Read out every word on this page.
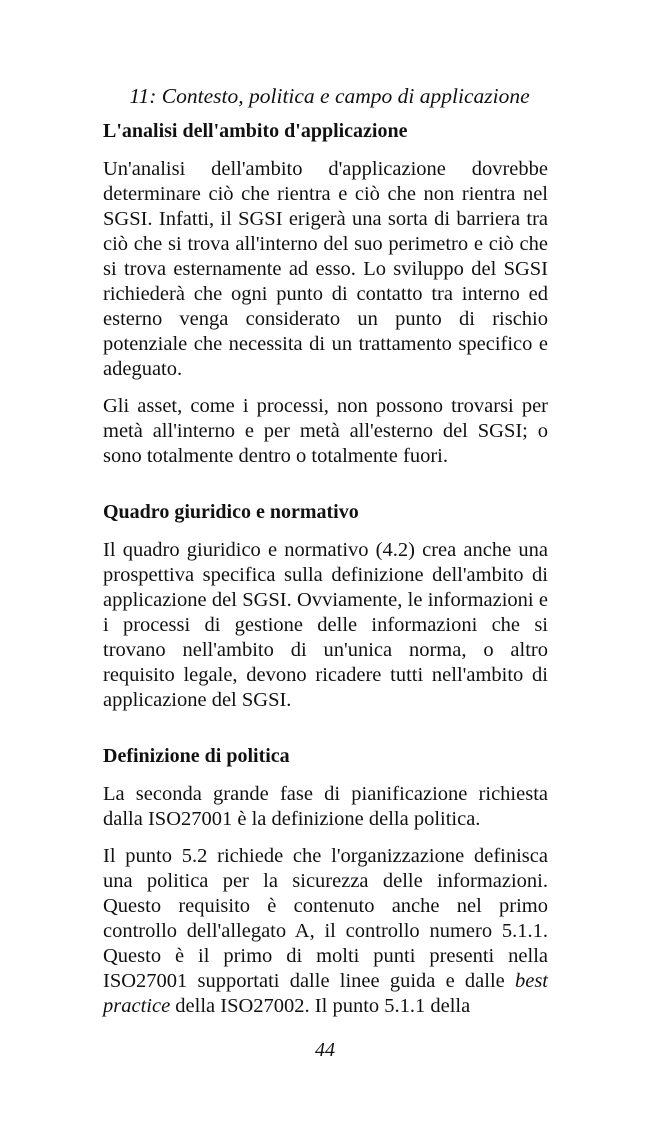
11: Contesto, politica e campo di applicazione
L'analisi dell'ambito d'applicazione

Un'analisi dell'ambito d'applicazione dovrebbe determinare ciò che rientra e ciò che non rientra nel SGSI. Infatti, il SGSI erigerà una sorta di barriera tra ciò che si trova all'interno del suo perimetro e ciò che si trova esternamente ad esso. Lo sviluppo del SGSI richiederà che ogni punto di contatto tra interno ed esterno venga considerato un punto di rischio potenziale che necessita di un trattamento specifico e adeguato.

Gli asset, come i processi, non possono trovarsi per metà all'interno e per metà all'esterno del SGSI; o sono totalmente dentro o totalmente fuori.

Quadro giuridico e normativo

Il quadro giuridico e normativo (4.2) crea anche una prospettiva specifica sulla definizione dell'ambito di applicazione del SGSI. Ovviamente, le informazioni e i processi di gestione delle informazioni che si trovano nell'ambito di un'unica norma, o altro requisito legale, devono ricadere tutti nell'ambito di applicazione del SGSI.

Definizione di politica

La seconda grande fase di pianificazione richiesta dalla ISO27001 è la definizione della politica.

Il punto 5.2 richiede che l'organizzazione definisca una politica per la sicurezza delle informazioni. Questo requisito è contenuto anche nel primo controllo dell'allegato A, il controllo numero 5.1.1. Questo è il primo di molti punti presenti nella ISO27001 supportati dalle linee guida e dalle best practice della ISO27002. Il punto 5.1.1 della

44
